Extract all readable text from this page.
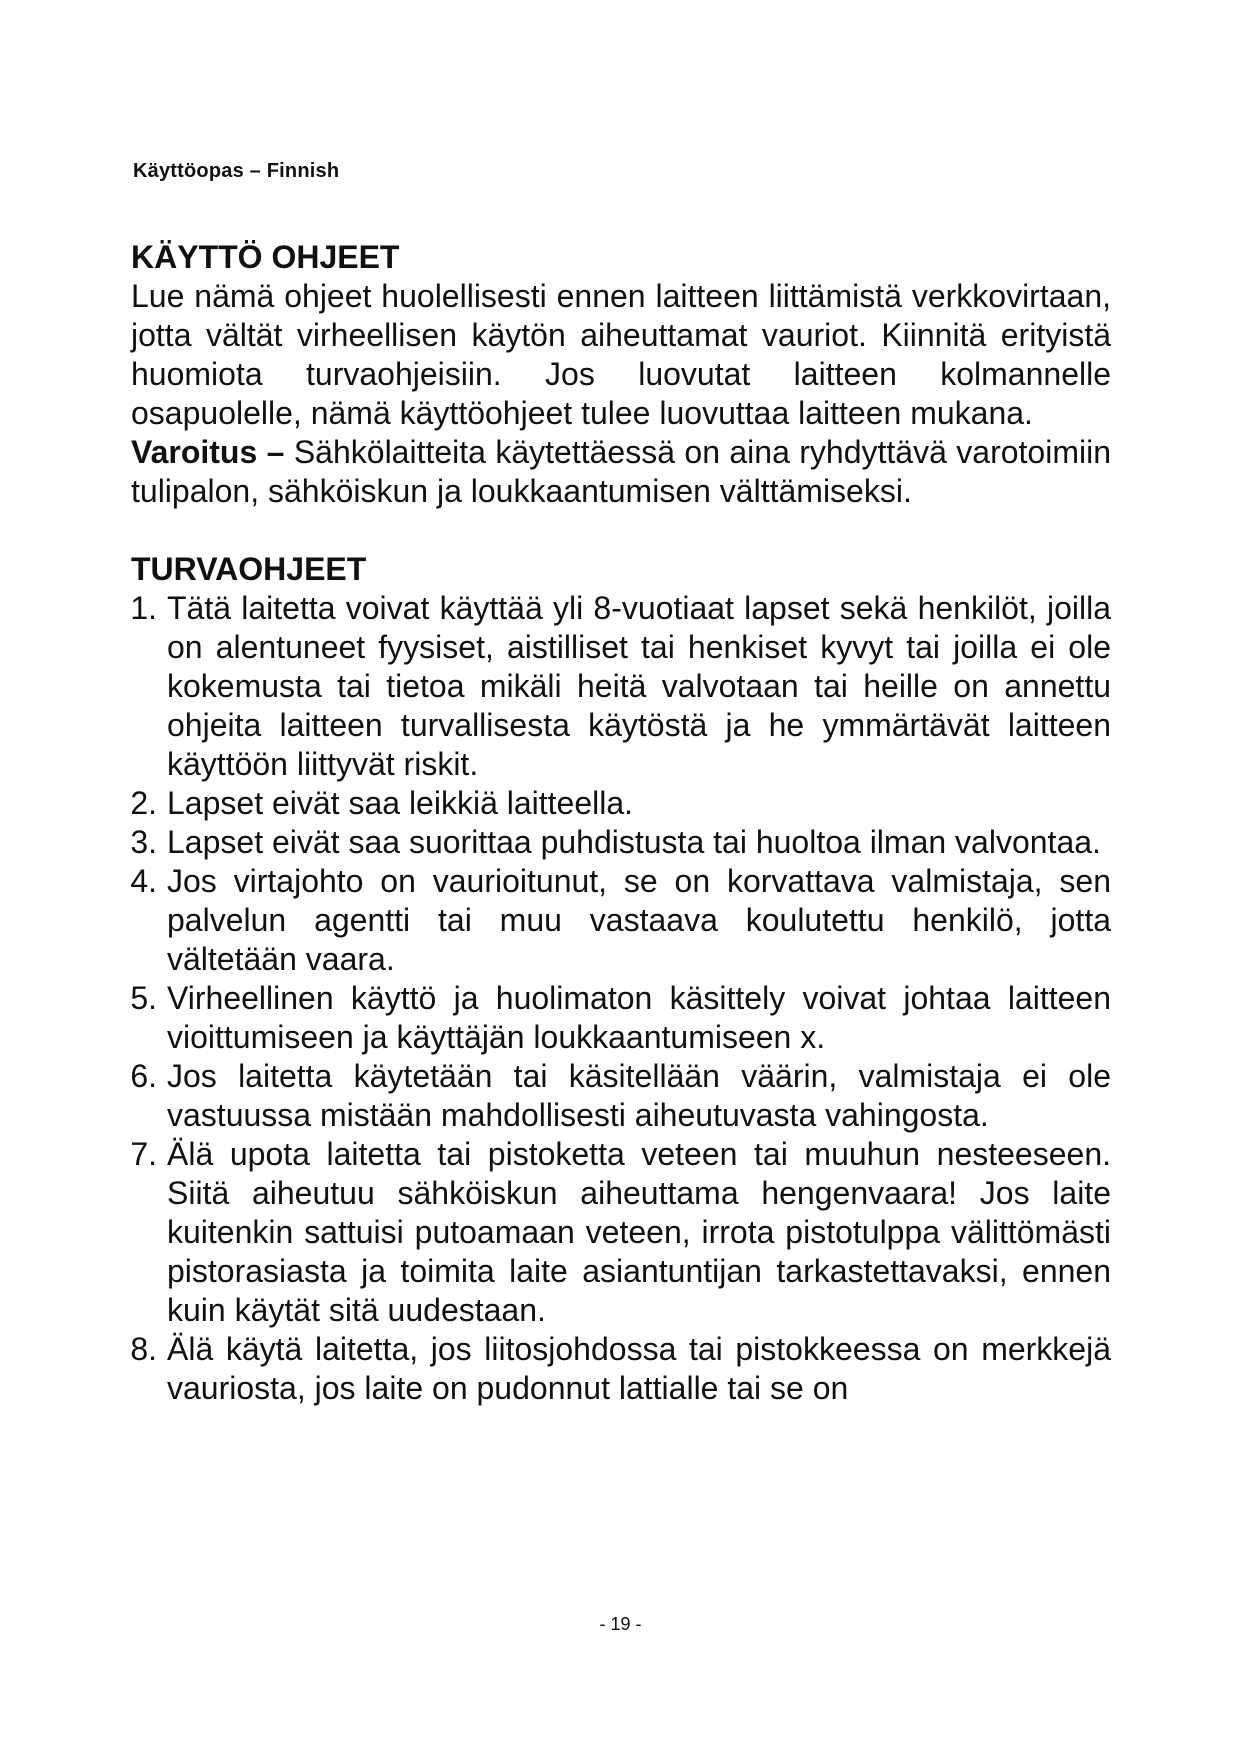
Käyttöopas – Finnish
KÄYTTÖ OHJEET

Lue nämä ohjeet huolellisesti ennen laitteen liittämistä verkkovirtaan, jotta vältät virheellisen käytön aiheuttamat vauriot. Kiinnitä erityistä huomiota turvaohjeisiin. Jos luovutat laitteen kolmannelle osapuolelle, nämä käyttöohjeet tulee luovuttaa laitteen mukana.

Varoitus – Sähkölaitteita käytettäessä on aina ryhdyttävä varotoimiin tulipalon, sähköiskun ja loukkaantumisen välttämiseksi.

TURVAOHJEET
1. Tätä laitetta voivat käyttää yli 8-vuotiaat lapset sekä henkilöt, joilla on alentuneet fyysiset, aistilliset tai henkiset kyvyt tai joilla ei ole kokemusta tai tietoa mikäli heitä valvotaan tai heille on annettu ohjeita laitteen turvallisesta käytöstä ja he ymmärtävät laitteen käyttöön liittyvät riskit.
2. Lapset eivät saa leikkiä laitteella.
3. Lapset eivät saa suorittaa puhdistusta tai huoltoa ilman valvontaa.
4. Jos virtajohto on vaurioitunut, se on korvattava valmistaja, sen palvelun agentti tai muu vastaava koulutettu henkilö, jotta vältetään vaara.
5. Virheellinen käyttö ja huolimaton käsittely voivat johtaa laitteen vioittumiseen ja käyttäjän loukkaantumiseen x.
6. Jos laitetta käytetään tai käsitellään väärin, valmistaja ei ole vastuussa mistään mahdollisesti aiheutuvasta vahingosta.
7. Älä upota laitetta tai pistoketta veteen tai muuhun nesteeseen. Siitä aiheutuu sähköiskun aiheuttama hengenvaara! Jos laite kuitenkin sattuisi putoamaan veteen, irrota pistotulppa välittömästi pistorasiasta ja toimita laite asiantuntijan tarkastettavaksi, ennen kuin käytät sitä uudestaan.
8. Älä käytä laitetta, jos liitosjohdossa tai pistokkeessa on merkkejä vauriosta, jos laite on pudonnut lattialle tai se on
- 19 -
